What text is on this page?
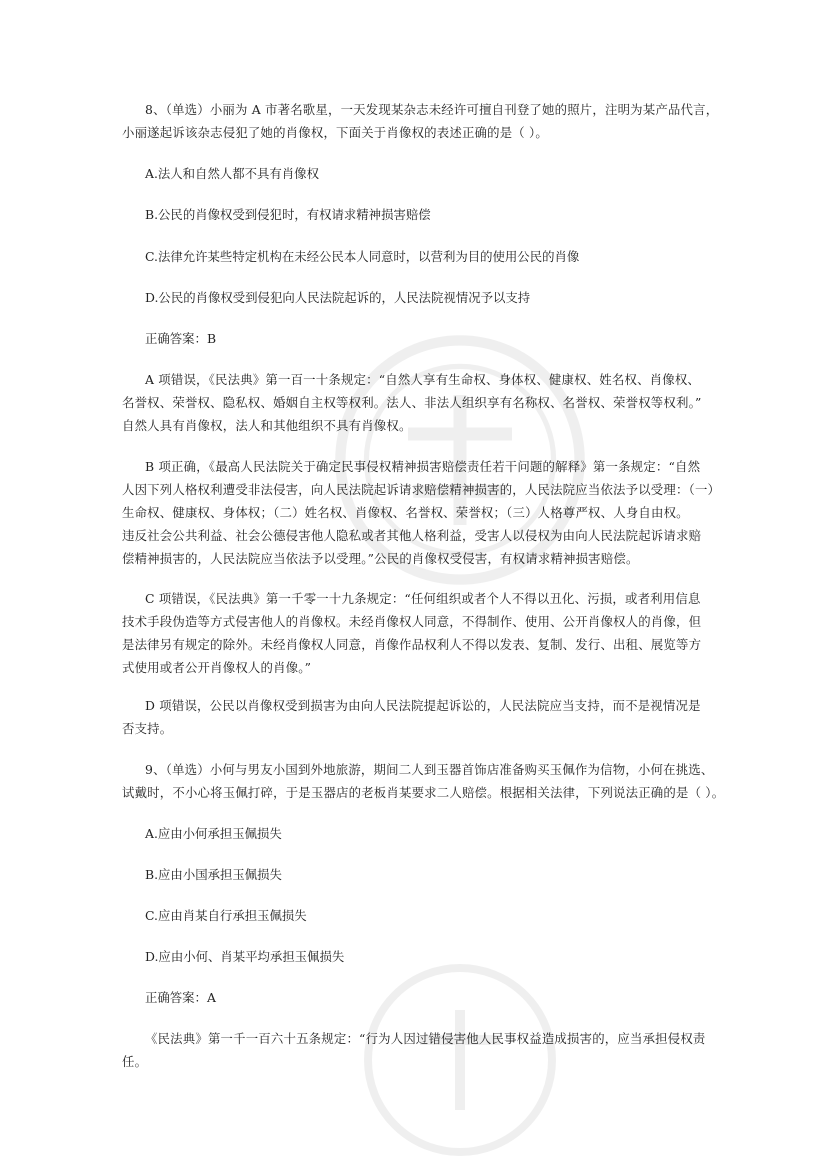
8、（单选）小丽为 A 市著名歌星，一天发现某杂志未经许可擅自刊登了她的照片，注明为某产品代言，

小丽遂起诉该杂志侵犯了她的肖像权，下面关于肖像权的表述正确的是（ ）。

A.法人和自然人都不具有肖像权

B.公民的肖像权受到侵犯时，有权请求精神损害赔偿

C.法律允许某些特定机构在未经公民本人同意时，以营利为目的使用公民的肖像

D.公民的肖像权受到侵犯向人民法院起诉的，人民法院视情况予以支持

正确答案：B

A 项错误，《民法典》第一百一十条规定：“自然人享有生命权、身体权、健康权、姓名权、肖像权、
名誉权、荣誉权、隐私权、婚姻自主权等权利。法人、非法人组织享有名称权、名誉权、荣誉权等权利。”
自然人具有肖像权，法人和其他组织不具有肖像权。
B 项正确，《最高人民法院关于确定民事侵权精神损害赔偿责任若干问题的解释》第一条规定：“自然
人因下列人格权利遭受非法侵害，向人民法院起诉请求赔偿精神损害的，人民法院应当依法予以受理：（一）
生命权、健康权、身体权；（二）姓名权、肖像权、名誉权、荣誉权；（三）人格尊严权、人身自由权。
违反社会公共利益、社会公德侵害他人隐私或者其他人格利益，受害人以侵权为由向人民法院起诉请求赔
偿精神损害的，人民法院应当依法予以受理。”公民的肖像权受侵害，有权请求精神损害赔偿。
C 项错误，《民法典》第一千零一十九条规定：“任何组织或者个人不得以丑化、污损，或者利用信息
技术手段伪造等方式侵害他人的肖像权。未经肖像权人同意，不得制作、使用、公开肖像权人的肖像，但
是法律另有规定的除外。未经肖像权人同意，肖像作品权利人不得以发表、复制、发行、出租、展览等方
式使用或者公开肖像权人的肖像。”
D 项错误，公民以肖像权受到损害为由向人民法院提起诉讼的，人民法院应当支持，而不是视情况是
否支持。

9、（单选）小何与男友小国到外地旅游，期间二人到玉器首饰店准备购买玉佩作为信物，小何在挑选、

试戴时，不小心将玉佩打碎，于是玉器店的老板肖某要求二人赔偿。根据相关法律，下列说法正确的是（ ）。

A.应由小何承担玉佩损失

B.应由小国承担玉佩损失

C.应由肖某自行承担玉佩损失

D.应由小何、肖某平均承担玉佩损失

正确答案：A

《民法典》第一千一百六十五条规定：“行为人因过错侵害他人民事权益造成损害的，应当承担侵权责
任。
